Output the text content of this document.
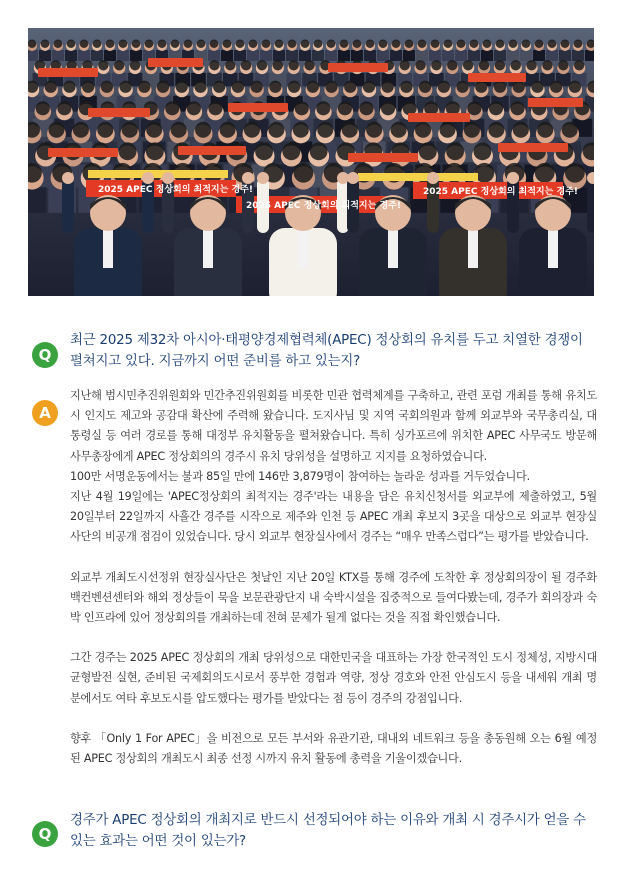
2025 APEC 정상회의 최적지는 경주!
2025 APEC 정상회의 최적지는 경주!
2025 APEC 정상회의 최적지는 경주!
Q
최근 2025 제32차 아시아·태평양경제협력체(APEC) 정상회의 유치를 두고 치열한 경쟁이 펼쳐지고 있다. 지금까지 어떤 준비를 하고 있는지?
A

지난해 범시민추진위원회와 민간추진위원회를 비롯한 민관 협력체계를 구축하고, 관련 포럼 개최를 통해 유치도시 인지도 제고와 공감대 확산에 주력해 왔습니다. 도지사님 및 지역 국회의원과 함께 외교부와 국무총리실, 대통령실 등 여러 경로를 통해 대정부 유치활동을 펼쳐왔습니다. 특히 싱가포르에 위치한 APEC 사무국도 방문해 사무총장에게 APEC 정상회의의 경주시 유치 당위성을 설명하고 지지를 요청하였습니다.

100만 서명운동에서는 불과 85일 만에 146만 3,879명이 참여하는 놀라운 성과를 거두었습니다.

지난 4월 19일에는 'APEC정상회의 최적지는 경주'라는 내용을 담은 유치신청서를 외교부에 제출하였고, 5월 20일부터 22일까지 사흘간 경주를 시작으로 제주와 인천 등 APEC 개최 후보지 3곳을 대상으로 외교부 현장실사단의 비공개 점검이 있었습니다. 당시 외교부 현장실사에서 경주는 “매우 만족스럽다”는 평가를 받았습니다.

외교부 개최도시선정위 현장실사단은 첫날인 지난 20일 KTX를 통해 경주에 도착한 후 정상회의장이 될 경주화백컨벤션센터와 해외 정상들이 묵을 보문관광단지 내 숙박시설을 집중적으로 들여다봤는데, 경주가 회의장과 숙박 인프라에 있어 정상회의를 개최하는데 전혀 문제가 될게 없다는 것을 직접 확인했습니다.

그간 경주는 2025 APEC 정상회의 개최 당위성으로 대한민국을 대표하는 가장 한국적인 도시 정체성, 지방시대 균형발전 실현, 준비된 국제회의도시로서 풍부한 경험과 역량, 정상 경호와 안전 안심도시 등을 내세워 개최 명분에서도 여타 후보도시를 압도했다는 평가를 받았다는 점 등이 경주의 강점입니다.

향후 「Only 1 For APEC」을 비전으로 모든 부서와 유관기관, 대내외 네트워크 등을 총동원해 오는 6월 예정된 APEC 정상회의 개최도시 최종 선정 시까지 유치 활동에 총력을 기울이겠습니다.

Q
경주가 APEC 정상회의 개최지로 반드시 선정되어야 하는 이유와 개최 시 경주시가 얻을 수 있는 효과는 어떤 것이 있는가?
